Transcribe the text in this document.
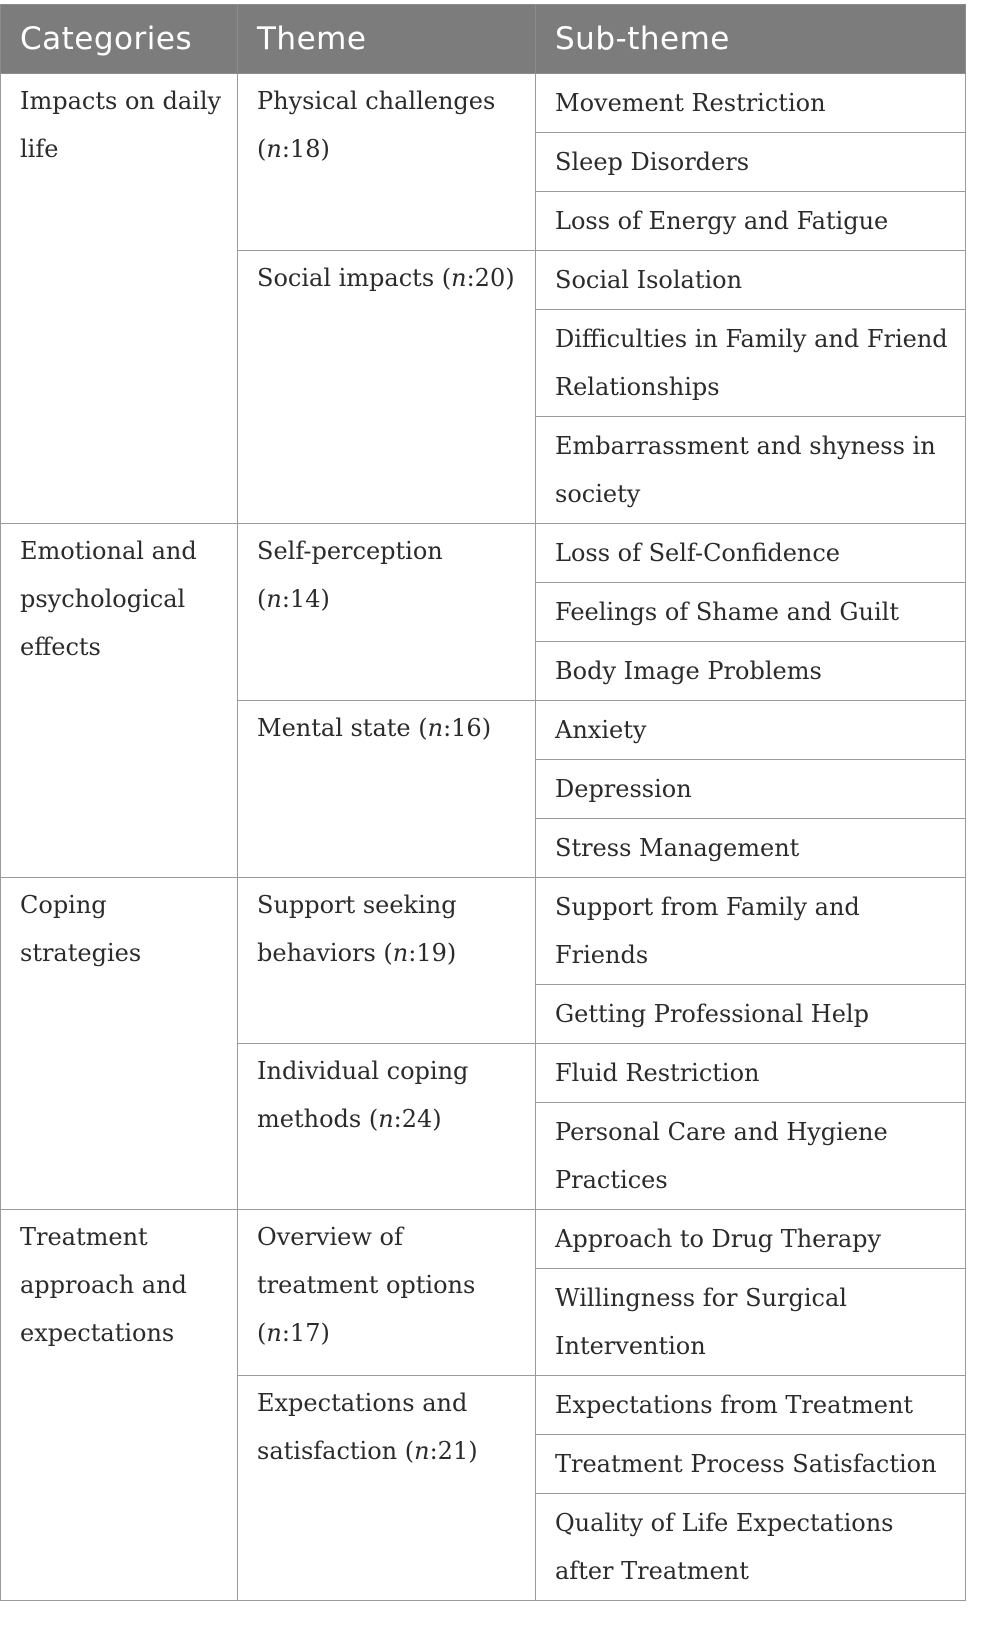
Categories	Theme	Sub-theme
Impacts on daily life	Physical challenges (n:18)	Movement Restriction
		Sleep Disorders
		Loss of Energy and Fatigue
	Social impacts (n:20)	Social Isolation
		Difficulties in Family and Friend Relationships
		Embarrassment and shyness in society
Emotional and psychological effects	Self-perception (n:14)	Loss of Self-Confidence
		Feelings of Shame and Guilt
		Body Image Problems
	Mental state (n:16)	Anxiety
		Depression
		Stress Management
Coping strategies	Support seeking behaviors (n:19)	Support from Family and Friends
		Getting Professional Help
	Individual coping methods (n:24)	Fluid Restriction
		Personal Care and Hygiene Practices
Treatment approach and expectations	Overview of treatment options (n:17)	Approach to Drug Therapy
		Willingness for Surgical Intervention
	Expectations and satisfaction (n:21)	Expectations from Treatment
		Treatment Process Satisfaction
		Quality of Life Expectations after Treatment
